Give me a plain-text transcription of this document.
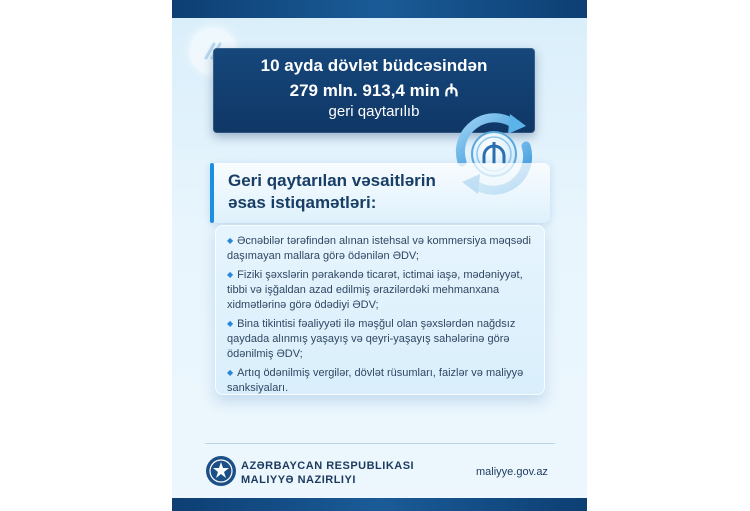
10 ayda dövlət büdcəsindən
279 mln. 913,4 min ₼
geri qaytarılıb
Geri qaytarılan vəsaitlərin
əsas istiqamətləri:
◆ Əcnəbilər tərəfindən alınan istehsal və kommersiya məqsədi daşımayan mallara görə ödənilən ƏDV;
◆ Fiziki şəxslərin pərakəndə ticarət, ictimai iaşə, mədəniyyət, tibbi və işğaldan azad edilmiş ərazilərdəki mehmanxana xidmətlərinə görə ödədiyi ƏDV;
◆ Bina tikintisi fəaliyyəti ilə məşğul olan şəxslərdən nağdsız qaydada alınmış yaşayış və qeyri-yaşayış sahələrinə görə ödənilmiş ƏDV;
◆ Artıq ödənilmiş vergilər, dövlət rüsumları, faizlər və maliyyə sanksiyaları.
AZƏRBAYCAN RESPUBLIKASI
MALIYYƏ NAZIRLIYI
maliyye.gov.az
